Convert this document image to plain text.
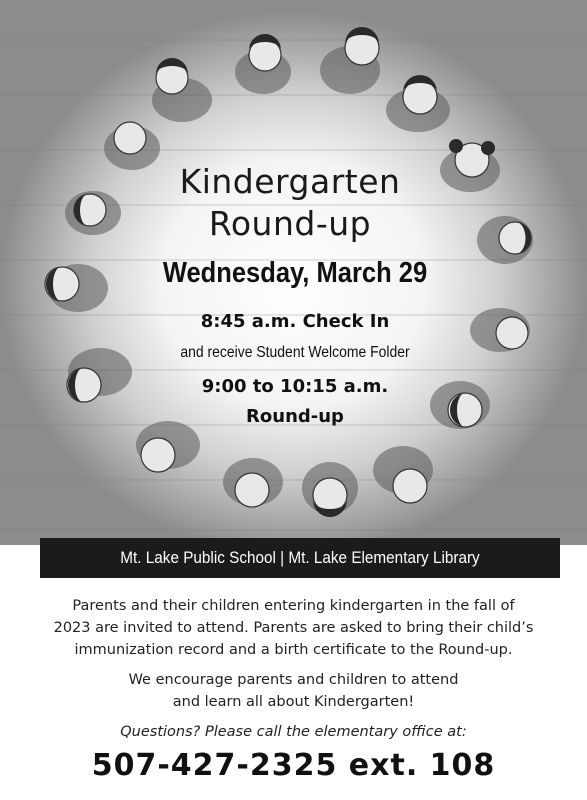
Kindergarten
Round-up
Wednesday, March 29
8:45 a.m. Check In
and receive Student Welcome Folder
9:00 to 10:15 a.m.
Round-up
Mt. Lake Public School | Mt. Lake Elementary Library
Parents and their children entering kindergarten in the fall of
2023 are invited to attend. Parents are asked to bring their child’s
immunization record and a birth certificate to the Round-up.
We encourage parents and children to attend
and learn all about Kindergarten!
Questions? Please call the elementary office at:
507-427-2325 ext. 108
